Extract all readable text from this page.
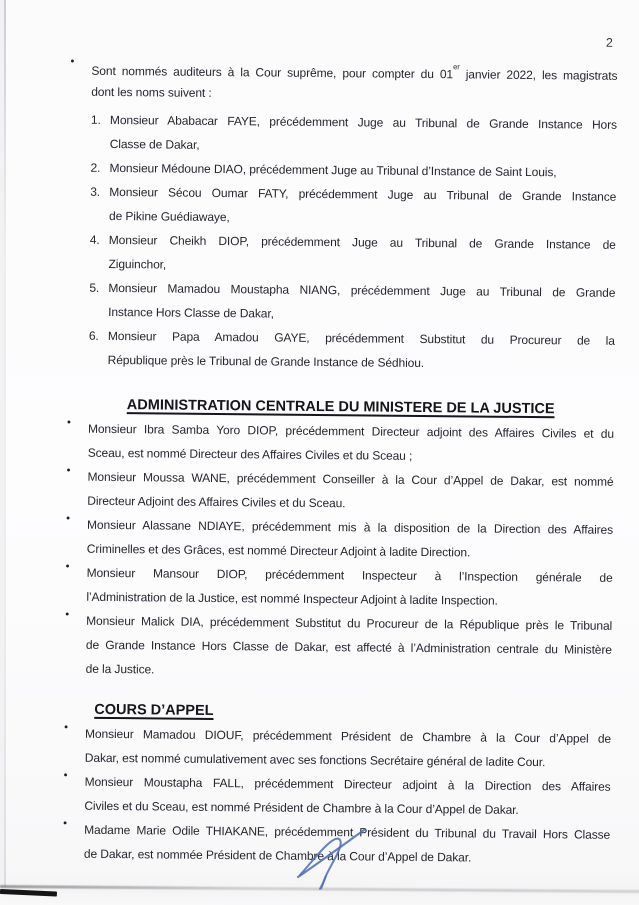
2
•
Sont nommés auditeurs à la Cour suprême, pour compter du 01er janvier 2022, les magistrats
dont les noms suivent :
1. Monsieur Ababacar FAYE, précédemment Juge au Tribunal de Grande Instance Hors
Classe de Dakar,
2. Monsieur Médoune DIAO, précédemment Juge au Tribunal d’Instance de Saint Louis,
3. Monsieur Sécou Oumar FATY, précédemment Juge au Tribunal de Grande Instance
de Pikine Guédiawaye,
4. Monsieur Cheikh DIOP, précédemment Juge au Tribunal de Grande Instance de
Ziguinchor,
5. Monsieur Mamadou Moustapha NIANG, précédemment Juge au Tribunal de Grande
Instance Hors Classe de Dakar,
6. Monsieur Papa Amadou GAYE, précédemment Substitut du Procureur de la
République près le Tribunal de Grande Instance de Sédhiou.
ADMINISTRATION CENTRALE DU MINISTERE DE LA JUSTICE
•	Monsieur Ibra Samba Yoro DIOP, précédemment Directeur adjoint des Affaires Civiles et du
Sceau, est nommé Directeur des Affaires Civiles et du Sceau ;
•	Monsieur Moussa WANE, précédemment Conseiller à la Cour d’Appel de Dakar, est nommé
Directeur Adjoint des Affaires Civiles et du Sceau.
•	Monsieur Alassane NDIAYE, précédemment mis à la disposition de la Direction des Affaires
Criminelles et des Grâces, est nommé Directeur Adjoint à ladite Direction.
•	Monsieur Mansour DIOP, précédemment Inspecteur à l’Inspection générale de
l’Administration de la Justice, est nommé Inspecteur Adjoint à ladite Inspection.
•	Monsieur Malick DIA, précédemment Substitut du Procureur de la République près le Tribunal
de Grande Instance Hors Classe de Dakar, est affecté à l’Administration centrale du Ministère
de la Justice.
COURS D’APPEL
•	Monsieur Mamadou DIOUF, précédemment Président de Chambre à la Cour d’Appel de
Dakar, est nommé cumulativement avec ses fonctions Secrétaire général de ladite Cour.
•	Monsieur Moustapha FALL, précédemment Directeur adjoint à la Direction des Affaires
Civiles et du Sceau, est nommé Président de Chambre à la Cour d’Appel de Dakar.
•	Madame Marie Odile THIAKANE, précédemment Président du Tribunal du Travail Hors Classe
de Dakar, est nommée Président de Chambre à la Cour d’Appel de Dakar.
